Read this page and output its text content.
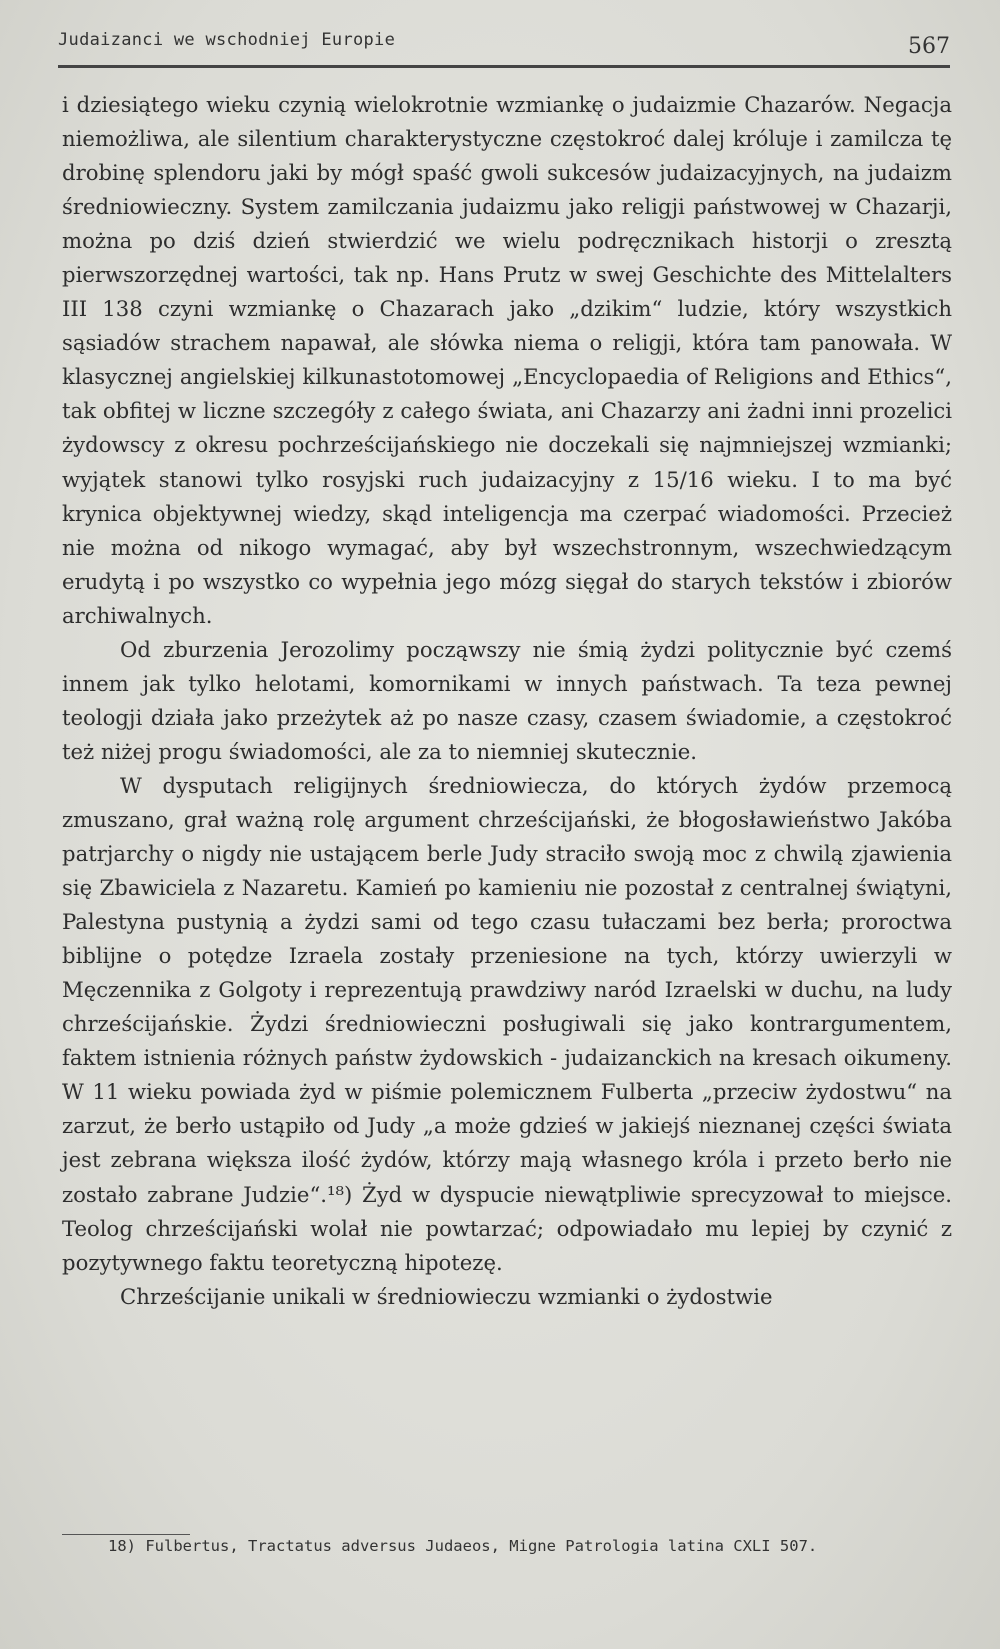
Judaizanci we wschodniej Europie	567

i dziesiątego wieku czynią wielokrotnie wzmiankę o judaizmie Chazarów. Negacja niemożliwa, ale silentium charakterystyczne częstokroć dalej króluje i zamilcza tę drobinę splendoru jaki by mógł spaść gwoli sukcesów judaizacyjnych, na judaizm średniowieczny. System zamilczania judaizmu jako religji państwowej w Chazarji, można po dziś dzień stwierdzić we wielu podręcznikach historji o zresztą pierwszorzędnej wartości, tak np. Hans Prutz w swej Geschichte des Mittelalters III 138 czyni wzmiankę o Chazarach jako „dzikim“ ludzie, który wszystkich sąsiadów strachem napawał, ale słówka niema o religji, która tam panowała. W klasycznej angielskiej kilkunastotomowej „Encyclopaedia of Religions and Ethics“, tak obfitej w liczne szczegóły z całego świata, ani Chazarzy ani żadni inni prozelici żydowscy z okresu pochrześcijańskiego nie doczekali się najmniejszej wzmianki; wyjątek stanowi tylko rosyjski ruch judaizacyjny z 15/16 wieku. I to ma być krynica objektywnej wiedzy, skąd inteligencja ma czerpać wiadomości. Przecież nie można od nikogo wymagać, aby był wszechstronnym, wszechwiedzącym erudytą i po wszystko co wypełnia jego mózg sięgał do starych tekstów i zbiorów archiwalnych.

Od zburzenia Jerozolimy począwszy nie śmią żydzi politycznie być czemś innem jak tylko helotami, komornikami w innych państwach. Ta teza pewnej teologji działa jako przeżytek aż po nasze czasy, czasem świadomie, a częstokroć też niżej progu świadomości, ale za to niemniej skutecznie.

W dysputach religijnych średniowiecza, do których żydów przemocą zmuszano, grał ważną rolę argument chrześcijański, że błogosławieństwo Jakóba patrjarchy o nigdy nie ustającem berle Judy straciło swoją moc z chwilą zjawienia się Zbawiciela z Nazaretu. Kamień po kamieniu nie pozostał z centralnej świątyni, Palestyna pustynią a żydzi sami od tego czasu tułaczami bez berła; proroctwa biblijne o potędze Izraela zostały przeniesione na tych, którzy uwierzyli w Męczennika z Golgoty i reprezentują prawdziwy naród Izraelski w duchu, na ludy chrześcijańskie. Żydzi średniowieczni posługiwali się jako kontrargumentem, faktem istnienia różnych państw żydowskich - judaizanckich na kresach oikumeny. W 11 wieku powiada żyd w piśmie polemicznem Fulberta „przeciw żydostwu“ na zarzut, że berło ustąpiło od Judy „a może gdzieś w jakiejś nieznanej części świata jest zebrana większa ilość żydów, którzy mają własnego króla i przeto berło nie zostało zabrane Judzie“.¹⁸) Żyd w dyspucie niewątpliwie sprecyzował to miejsce. Teolog chrześcijański wolał nie powtarzać; odpowiadało mu lepiej by czynić z pozytywnego faktu teoretyczną hipotezę.

Chrześcijanie unikali w średniowieczu wzmianki o żydostwie

18) Fulbertus, Tractatus adversus Judaeos, Migne Patrologia latina CXLI 507.
